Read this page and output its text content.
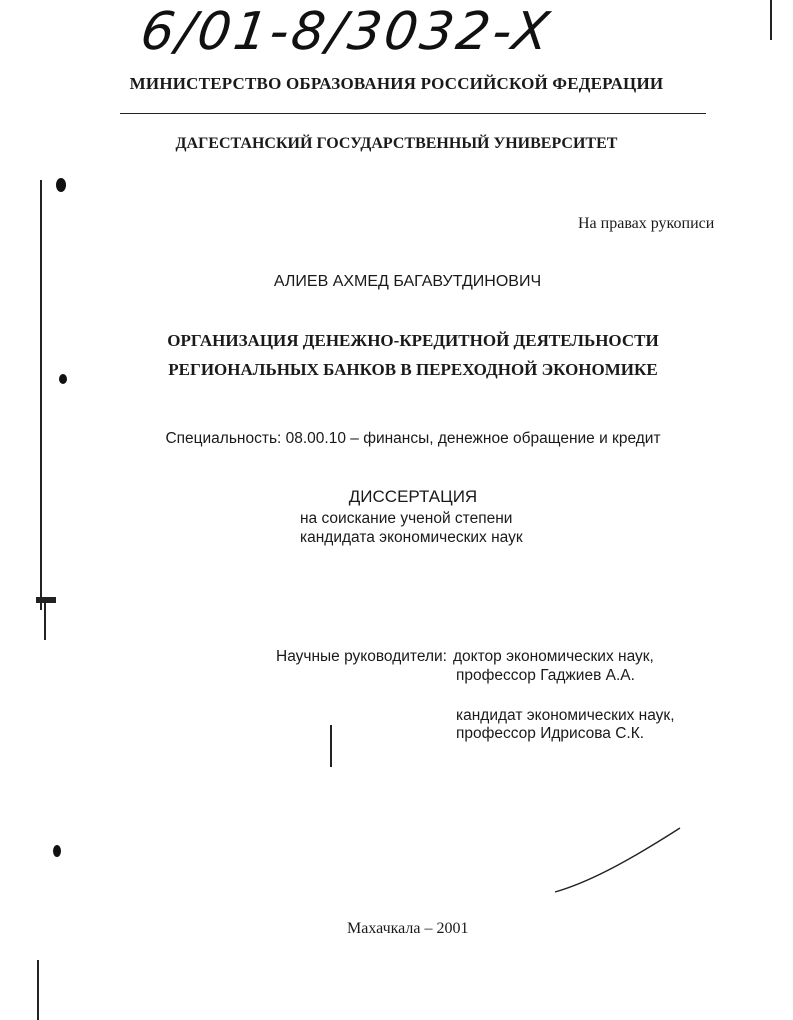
6/01-8/3032-X
МИНИСТЕРСТВО ОБРАЗОВАНИЯ РОССИЙСКОЙ ФЕДЕРАЦИИ
ДАГЕСТАНСКИЙ ГОСУДАРСТВЕННЫЙ УНИВЕРСИТЕТ
На правах рукописи
АЛИЕВ АХМЕД БАГАВУТДИНОВИЧ
ОРГАНИЗАЦИЯ ДЕНЕЖНО-КРЕДИТНОЙ ДЕЯТЕЛЬНОСТИ
РЕГИОНАЛЬНЫХ БАНКОВ В ПЕРЕХОДНОЙ ЭКОНОМИКЕ
Специальность: 08.00.10 – финансы, денежное обращение и кредит
ДИССЕРТАЦИЯ
на соискание ученой степени
кандидата экономических наук
Научные руководители: доктор экономических наук,
профессор Гаджиев А.А.
кандидат экономических наук,
профессор Идрисова С.К.
Махачкала – 2001
